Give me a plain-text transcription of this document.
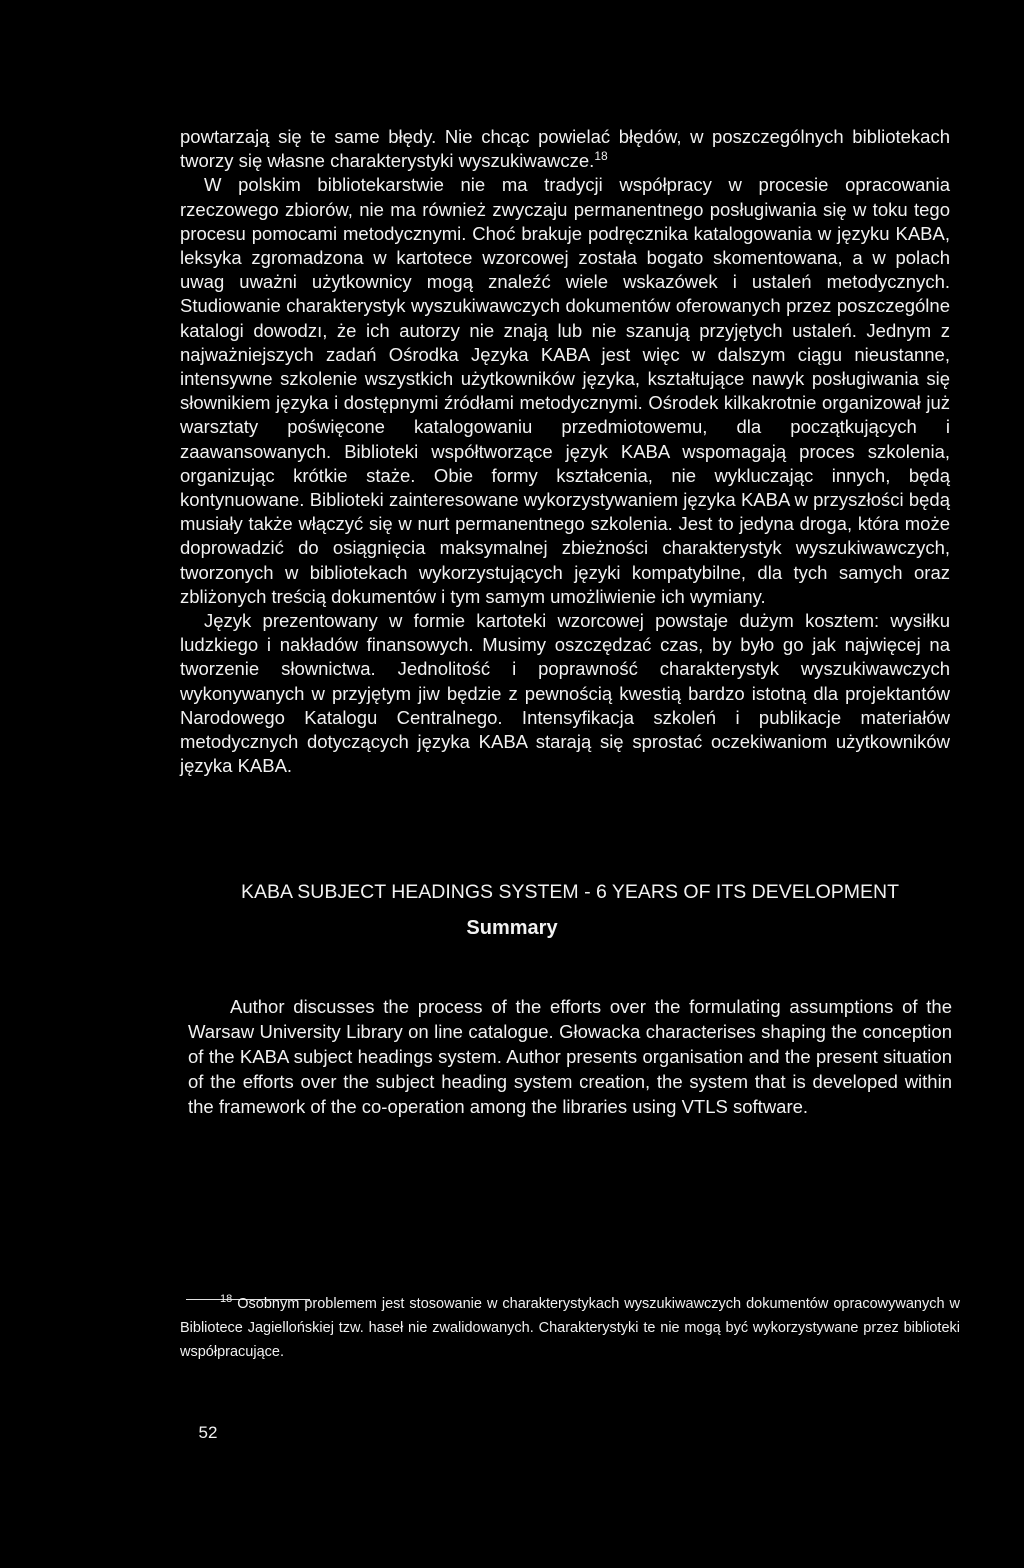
powtarzają się te same błędy. Nie chcąc powielać błędów, w poszczególnych bibliotekach tworzy się własne charakterystyki wyszukiwawcze.$^{18}$

W polskim bibliotekarstwie nie ma tradycji współpracy w procesie opracowania rzeczowego zbiorów, nie ma również zwyczaju permanentnego posługiwania się w toku tego procesu pomocami metodycznymi. Choć brakuje podręcznika katalogowania w języku KABA, leksyka zgromadzona w kartotece wzorcowej została bogato skomentowana, a w polach uwag uważni użytkownicy mogą znaleźć wiele wskazówek i ustaleń metodycznych. Studiowanie charakterystyk wyszukiwawczych dokumentów oferowanych przez poszczególne katalogi dowodzı, że ich autorzy nie znają lub nie szanują przyjętych ustaleń. Jednym z najważniejszych zadań Ośrodka Języka KABA jest więc w dalszym ciągu nieustanne, intensywne szkolenie wszystkich użytkowników języka, kształtujące nawyk posługiwania się słownikiem języka i dostępnymi źródłami metodycznymi. Ośrodek kilkakrotnie organizował już warsztaty poświęcone katalogowaniu przedmiotowemu, dla początkujących i zaawansowanych. Biblioteki współtworzące język KABA wspomagają proces szkolenia, organizując krótkie staże. Obie formy kształcenia, nie wykluczając innych, będą kontynuowane. Biblioteki zainteresowane wykorzystywaniem języka KABA w przyszłości będą musiały także włączyć się w nurt permanentnego szkolenia. Jest to jedyna droga, która może doprowadzić do osiągnięcia maksymalnej zbieżności charakterystyk wyszukiwawczych, tworzonych w bibliotekach wykorzystujących języki kompatybilne, dla tych samych oraz zbliżonych treścią dokumentów i tym samym umożliwienie ich wymiany.

Język prezentowany w formie kartoteki wzorcowej powstaje dużym kosztem: wysiłku ludzkiego i nakładów finansowych. Musimy oszczędzać czas, by było go jak najwięcej na tworzenie słownictwa. Jednolitość i poprawność charakterystyk wyszukiwawczych wykonywanych w przyjętym jiw będzie z pewnością kwestią bardzo istotną dla projektantów Narodowego Katalogu Centralnego. Intensyfikacja szkoleń i publikacje materiałów metodycznych dotyczących języka KABA starają się sprostać oczekiwaniom użytkowników języka KABA.

Summary
KABA SUBJECT HEADINGS SYSTEM - 6 YEARS OF ITS DEVELOPMENT

Author discusses the process of the efforts over the formulating assumptions of the Warsaw University Library on line catalogue. Głowacka characterises shaping the conception of the KABA subject headings system. Author presents organisation and the present situation of the efforts over the subject heading system creation, the system that is developed within the framework of the co-operation among the libraries using VTLS software.

$^{18}$ Osobnym problemem jest stosowanie w charakterystykach wyszukiwawczych dokumentów opracowywanych w Bibliotece Jagiellońskiej tzw. haseł nie zwalidowanych. Charakterystyki te nie mogą być wykorzystywane przez biblioteki współpracujące.

52
